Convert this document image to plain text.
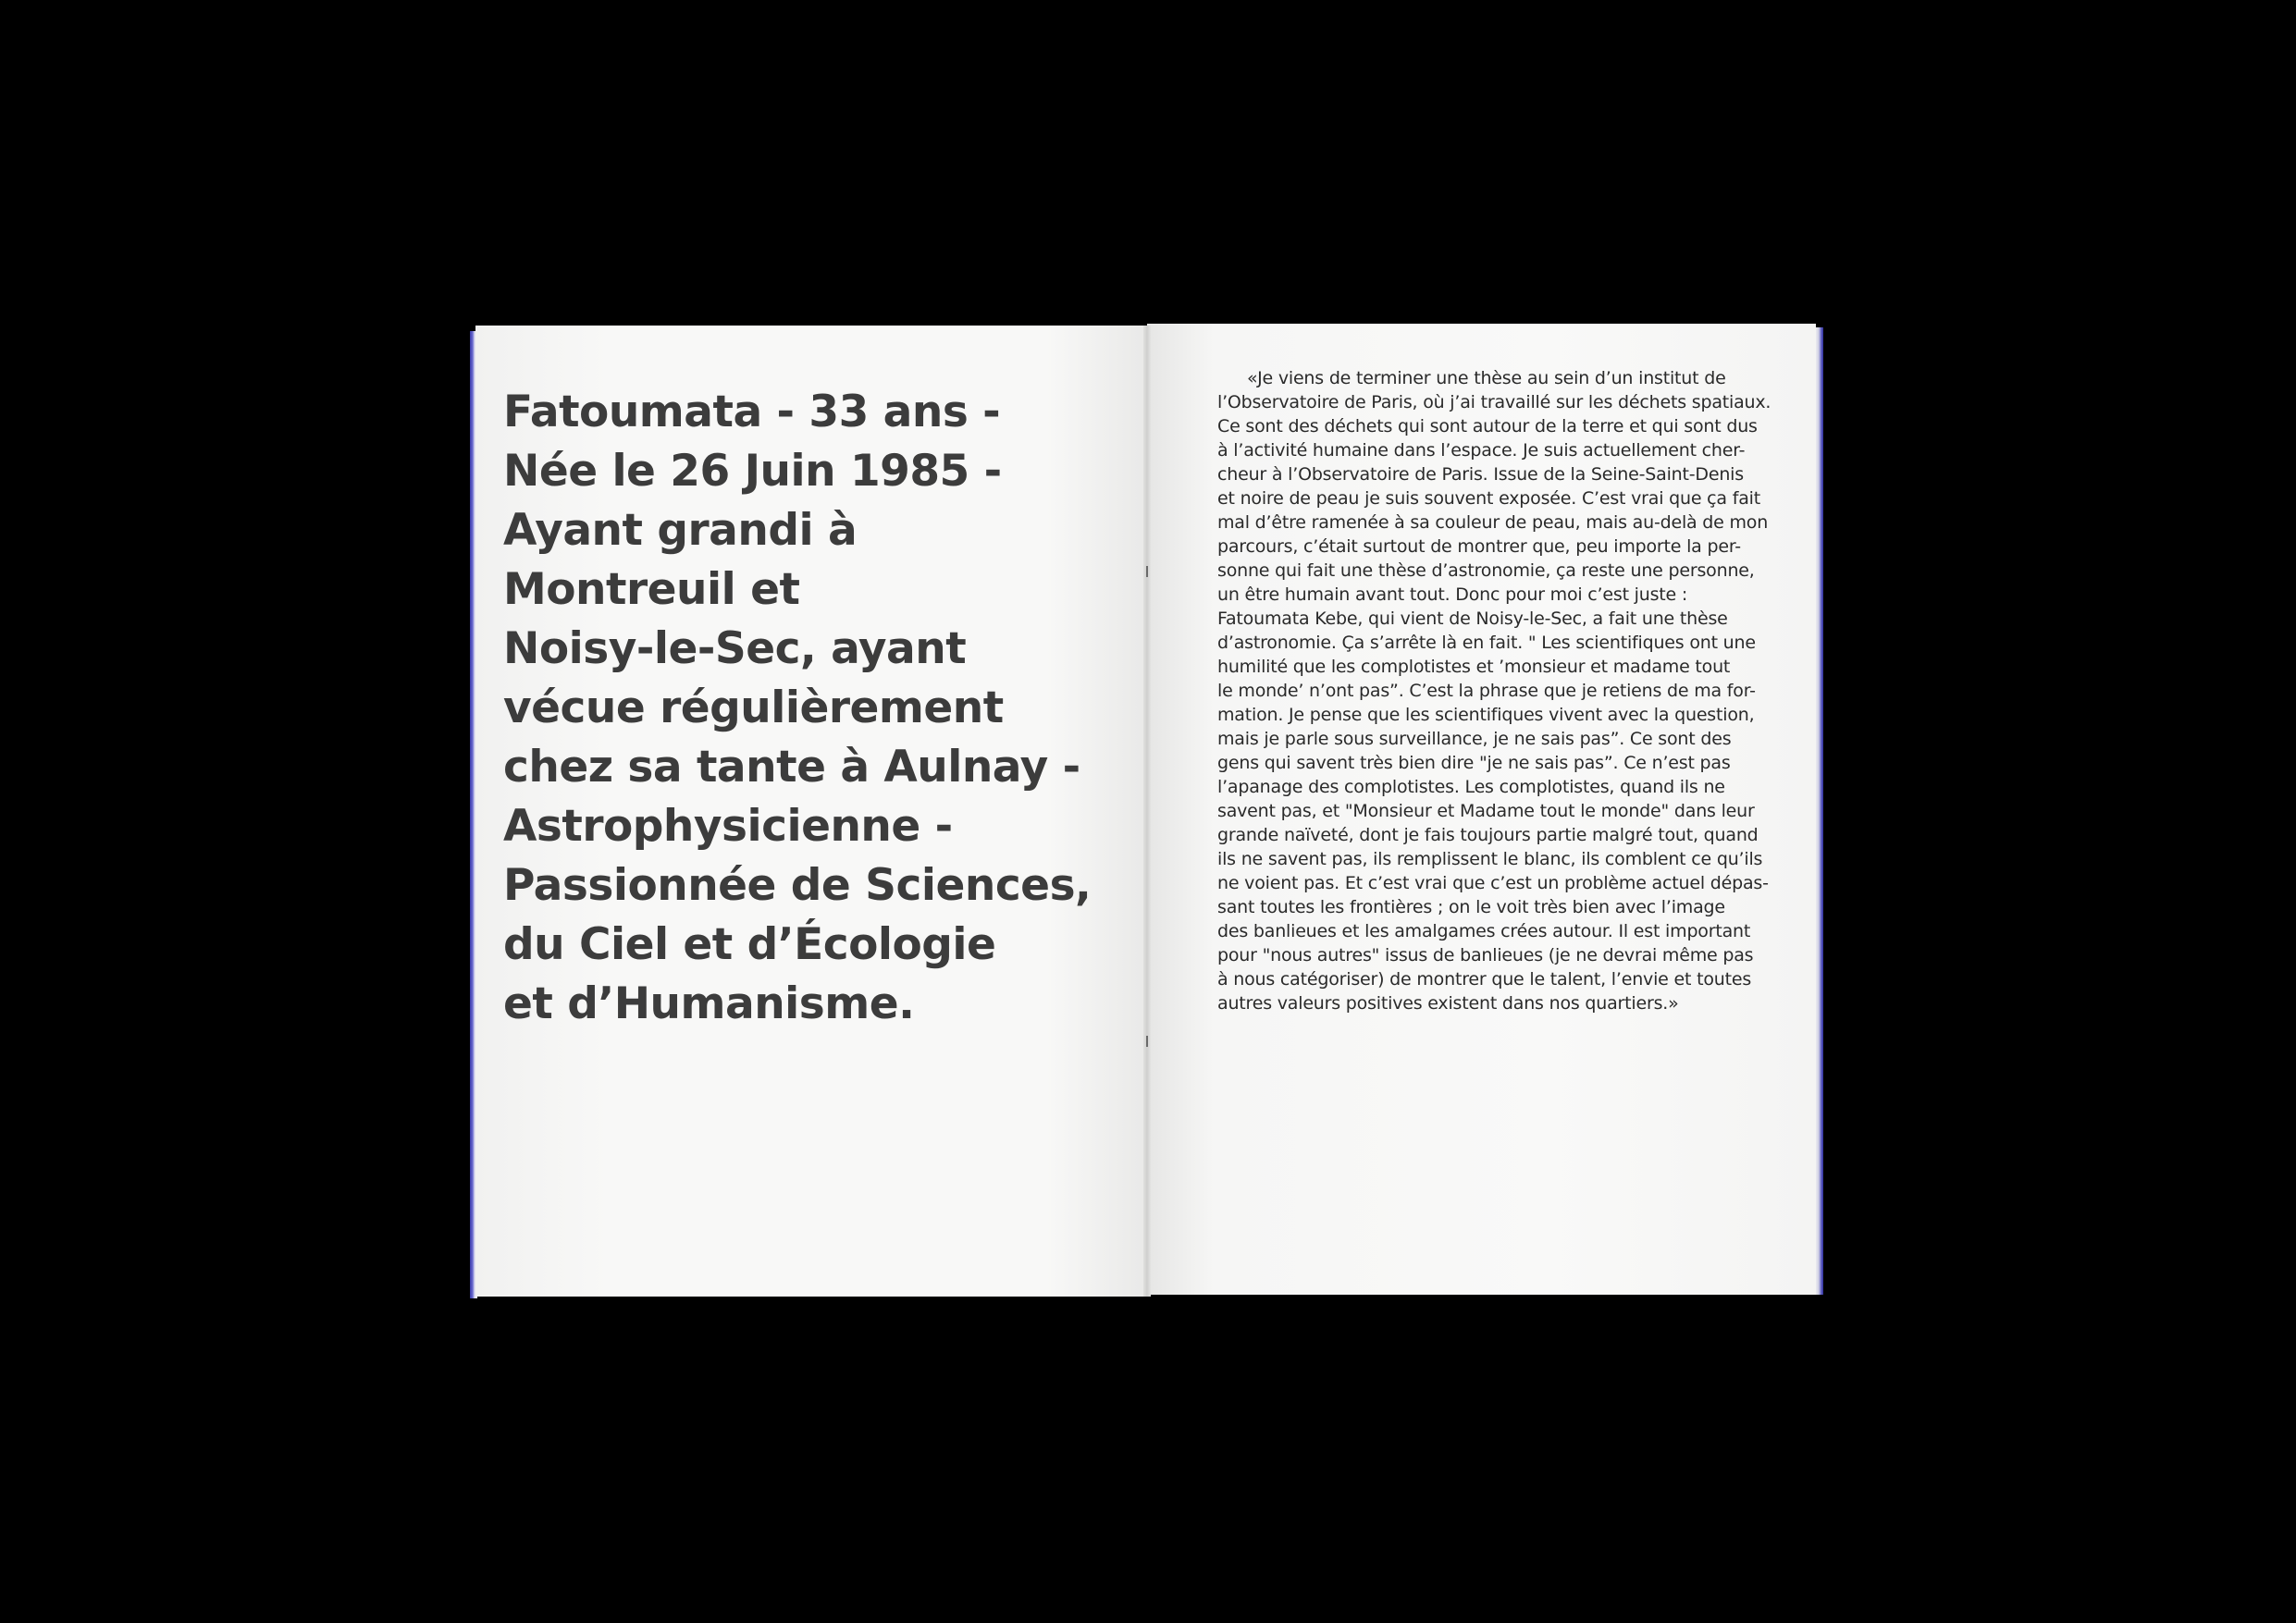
Fatoumata - 33 ans -
Née le 26 Juin 1985 -
Ayant grandi à
Montreuil et
Noisy-le-Sec, ayant
vécue régulièrement
chez sa tante à Aulnay -
Astrophysicienne -
Passionnée de Sciences,
du Ciel et d’Écologie
et d’Humanisme.

«Je viens de terminer une thèse au sein d’un institut de
l’Observatoire de Paris, où j’ai travaillé sur les déchets spatiaux.
Ce sont des déchets qui sont autour de la terre et qui sont dus
à l’activité humaine dans l’espace. Je suis actuellement cher-
cheur à l’Observatoire de Paris. Issue de la Seine-Saint-Denis
et noire de peau je suis souvent exposée. C’est vrai que ça fait
mal d’être ramenée à sa couleur de peau, mais au-delà de mon
parcours, c’était surtout de montrer que, peu importe la per-
sonne qui fait une thèse d’astronomie, ça reste une personne,
un être humain avant tout. Donc pour moi c’est juste :
Fatoumata Kebe, qui vient de Noisy-le-Sec, a fait une thèse
d’astronomie. Ça s’arrête là en fait. " Les scientifiques ont une
humilité que les complotistes et ’monsieur et madame tout
le monde’ n’ont pas”. C’est la phrase que je retiens de ma for-
mation. Je pense que les scientifiques vivent avec la question,
mais je parle sous surveillance, je ne sais pas”. Ce sont des
gens qui savent très bien dire "je ne sais pas”. Ce n’est pas
l’apanage des complotistes. Les complotistes, quand ils ne
savent pas, et "Monsieur et Madame tout le monde" dans leur
grande naïveté, dont je fais toujours partie malgré tout, quand
ils ne savent pas, ils remplissent le blanc, ils comblent ce qu’ils
ne voient pas. Et c’est vrai que c’est un problème actuel dépas-
sant toutes les frontières ; on le voit très bien avec l’image
des banlieues et les amalgames crées autour. Il est important
pour "nous autres" issus de banlieues (je ne devrai même pas
à nous catégoriser) de montrer que le talent, l’envie et toutes
autres valeurs positives existent dans nos quartiers.»
